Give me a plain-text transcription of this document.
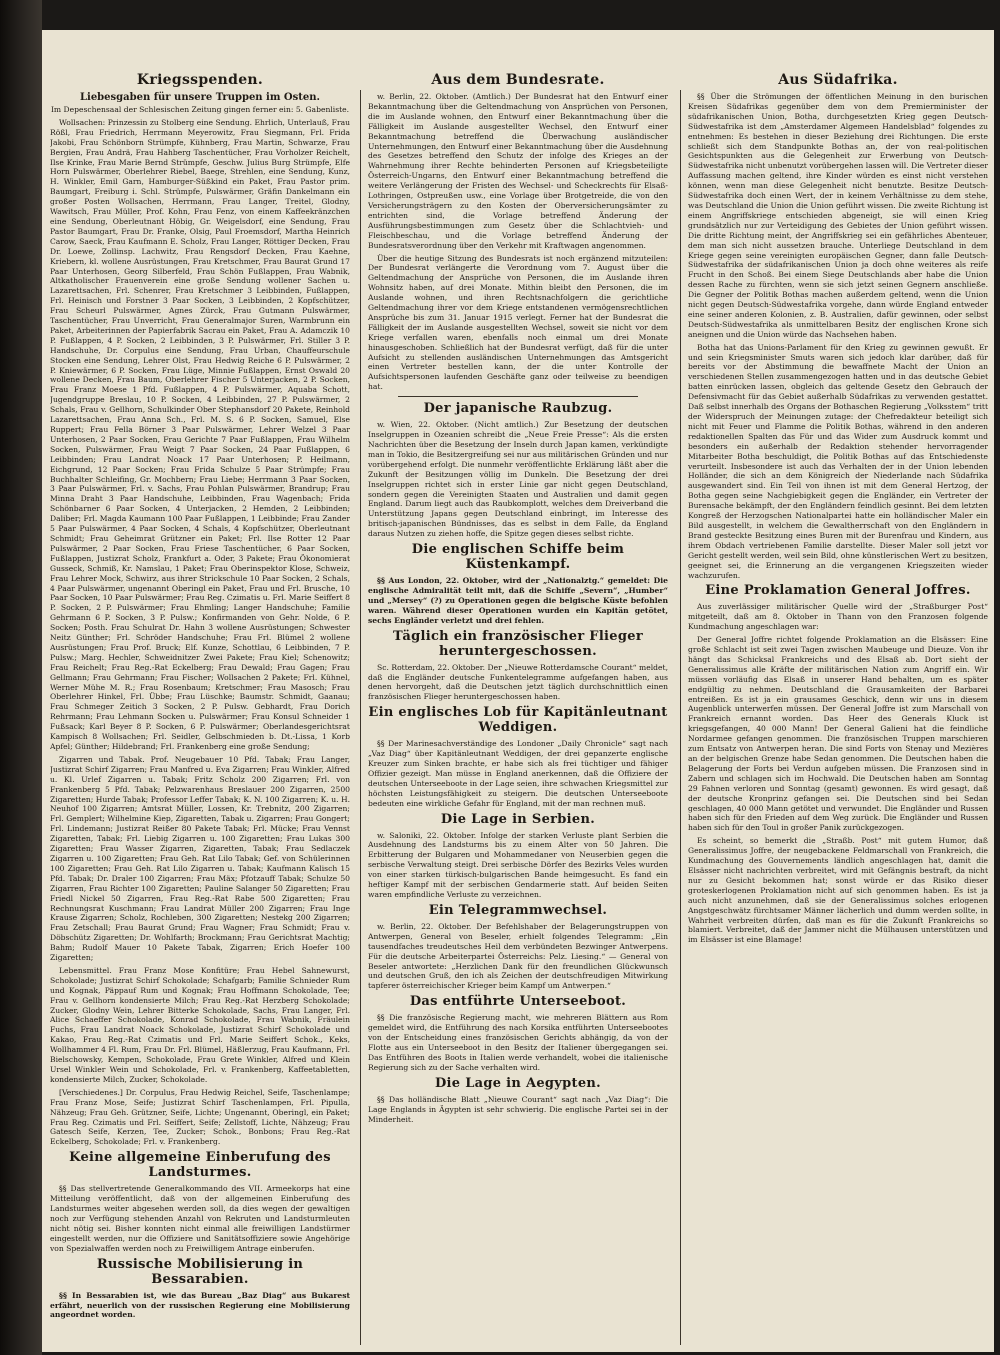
Kriegsspenden.
Liebesgaben für unsere Truppen im Osten.

Im Depeschensaal der Schlesischen Zeitung gingen ferner ein: 5. Gabenliste.

Wollsachen: Prinzessin zu Stolberg eine Sendung. Ehrlich, Unterlauß, Frau Rößl, Frau Friedrich, Herrmann Meyerowitz, Frau Siegmann, Frl. Frida Jakobi, Frau Schönborn Strümpfe, Kühnberg, Frau Martin, Schwarze, Frau Bergien, Frau Andrä, Frau Hahberg Taschentücher, Frau Vorholzer Reichelt, Ilse Krinke, Frau Marie Bernd Strümpfe, Geschw. Julius Burg Strümpfe, Elfe Horn Pulswärmer, Oberlehrer Riebel, Baege, Strehlen, eine Sendung, Kunz, H. Winkler, Emil Garn, Hamburger-Süßkind ein Paket, Frau Pastor prim. Baumgart, Freiburg i. Schl. Strümpfe, Pulswärmer, Gräfin Dankelmann ein großer Posten Wollsachen, Herrmann, Frau Langer, Treitel, Glodny, Wawitsch, Frau Müller, Prof. Kohn, Frau Fenz, von einem Kaffeekränzchen eine Sendung, Oberleutnant Höbig, Gr. Weigelsdorf, eine Sendung, Frau Pastor Baumgart, Frau Dr. Franke, Olsig, Paul Froemsdorf, Martha Heinrich Carow, Saeck, Frau Kaufmann E. Scholz, Frau Langer, Röttiger Decken, Frau Dr. Loewe, Zollinsp. Lachwitz, Frau Rengsdorf Decken, Frau Kaehne, Kriebern, kl. wollene Ausrüstungen, Frau Kretschmer, Frau Baurat Grund 17 Paar Unterhosen, Georg Silberfeld, Frau Schön Fußlappen, Frau Wabnik, Altkatholischer Frauenverein eine große Sendung wollener Sachen u. Lazarettsachen, Frl. Schenrer, Frau Kretschmer 3 Leibbinden, Fußlappen, Frl. Heinisch und Forstner 3 Paar Socken, 3 Leibbinden, 2 Kopfschützer, Frau Scheurl Pulswärmer, Agnes Zürck, Frau Gutmann Pulswärmer, Taschentücher, Frau Unverricht, Frau Generalmajor Suren, Warmbrunn ein Paket, Arbeiterinnen der Papierfabrik Sacrau ein Paket, Frau A. Adamczik 10 P. Fußlappen, 4 P. Socken, 2 Leibbinden, 3 P. Pulswärmer, Frl. Stiller 3 P. Handschuhe, Dr. Corpulus eine Sendung, Frau Urban, Chauffeurschule Stocken eine Sendung, Lehrer Olst, Frau Hedwig Reiche 6 P. Pulswärmer, 2 P. Kniewärmer, 6 P. Socken, Frau Lüge, Minnie Fußlappen, Ernst Oswald 20 wollene Decken, Frau Baum, Oberlehrer Fischer 5 Unterjacken, 2 P. Socken, Frau Franz Moese 1 Pfd. Fußlappen, 4 P. Pulswärmer, Aquaba Schott, Jugendgruppe Breslau, 10 P. Socken, 4 Leibbinden, 27 P. Pulswärmer, 2 Schals, Frau v. Gellhorn, Schulkinder Ober Stephansdorf 20 Pakete, Reinhold Lazarettsachen, Frau Anna Sch., Frl. M. S. 6 P. Socken, Samuel, Else Ruppert; Frau Fella Börner 3 Paar Pulswärmer, Lehrer Welzel 3 Paar Unterhosen, 2 Paar Socken, Frau Gerichte 7 Paar Fußlappen, Frau Wilhelm Socken, Pulswärmer, Frau Weigt 7 Paar Socken, 24 Paar Fußlappen, 6 Leibbinden; Frau Landrat Noack 17 Paar Unterhosen; P. Heilmann, Eichgrund, 12 Paar Socken; Frau Frida Schulze 5 Paar Strümpfe; Frau Buchhalter Schleifing, Gr. Mochbern; Frau Liebe; Herrmann 3 Paar Socken, 3 Paar Pulswärmer, Frl. v. Sachs, Frau Pohlan Pulswärmer, Brandrup; Frau Minna Draht 3 Paar Handschuhe, Leibbinden, Frau Wagenbach; Frida Schönbarner 6 Paar Socken, 4 Unterjacken, 2 Hemden, 2 Leibbinden; Daliber; Frl. Magda Kaumann 100 Paar Fußlappen, 1 Leibbinde; Frau Zander 5 Paar Pulswärmer, 4 Paar Socken, 4 Schals, 4 Kopfschützer, Oberleutnant Schmidt; Frau Geheimrat Grützner ein Paket; Frl. Ilse Rotter 12 Paar Pulswärmer, 2 Paar Socken, Frau Friese Taschentücher, 6 Paar Socken, Fußlappen, Justizrat Scholz, Frankfurt a. Oder, 3 Pakete; Frau Ökonomierat Gusseck, Schmiß, Kr. Namslau, 1 Paket; Frau Oberinspektor Klose, Schweiz, Frau Lehrer Mock, Schwirz, aus ihrer Strickschule 10 Paar Socken, 2 Schals, 4 Paar Pulswärmer, ungenannt Oberingl ein Paket, Frau und Frl. Brusche, 10 Paar Socken, 10 Paar Pulswärmer; Frau Reg. Czimatis u. Frl. Marie Seiffert 8 P. Socken, 2 P. Pulswärmer; Frau Ehmling; Langer Handschuhe; Familie Gehrmann 6 P. Socken, 3 P. Pulsw.; Konfirmanden von Gehr. Nolde, 6 P. Socken; Posth. Frau Schulrat Dr. Hahn 3 wollene Ausrüstungen; Schwester Neitz Günther; Frl. Schröder Handschuhe; Frau Frl. Blümel 2 wollene Ausrüstungen; Frau Prof. Bruck; Elf. Kunze, Schottlau, 6 Leibbinden, 7 P. Pulsw.; Marg. Hechler, Schweidnitzer Zwei Pakete; Frau Kiel; Schenowitz; Frau Reichelt; Frau Reg.-Rat Eckelberg; Frau Dewald; Frau Gagen; Frau Gellmann; Frau Gehrmann; Frau Fischer; Wollsachen 2 Pakete; Frl. Kühnel, Werner Mühe M. R.; Frau Rosenbaum; Kretschmer; Frau Masosch; Frau Oberlehrer Hinkel, Frl. Übbe; Frau Lüschke; Baumstr. Schmidt, Gaanau; Frau Schmeger Zeitich 3 Socken, 2 P. Pulsw. Gebhardt, Frau Dorich Rehrmann; Frau Lehmann Socken u. Pulswärmer; Frau Konsul Schneider 1 Fußsack; Karl Beyer 8 P. Socken, 6 P. Pulswärmer; Oberlandesgerichtsrat Kampisch 8 Wollsachen; Frl. Seidler, Gelbschmieden b. Dt.-Lissa, 1 Korb Apfel; Günther; Hildebrand; Frl. Frankenberg eine große Sendung;

Zigarren und Tabak. Prof. Neugebauer 10 Pfd. Tabak; Frau Langer, Justizrat Schirf Zigarren; Frau Manfred u. Eva Zigarren; Frau Winkler, Alfred u. Kl. Urlef Zigarren u. Tabak; Fritz Scholz 200 Zigarren; Frl. von Frankenberg 5 Pfd. Tabak; Pelzwarenhaus Breslauer 200 Zigarren, 2500 Zigaretten; Hurde Tabak; Professor Leffer Tabak; K. N. 100 Zigarren; K. u. H. Neuhof 100 Zigarren; Amtsrat Müller, Lossen, Kr. Trebnitz, 200 Zigarren; Frl. Gemplert; Wilhelmine Kiep, Zigaretten, Tabak u. Zigarren; Frau Gongert; Frl. Lindemann; Justizrat Reißer 80 Pakete Tabak; Frl. Mücke; Frau Vennst Zigaretten, Tabak; Frl. Liebig Zigarren u. 100 Zigaretten; Frau Lukas 300 Zigaretten; Frau Wasser Zigarren, Zigaretten, Tabak; Frau Sedlaczek Zigarren u. 100 Zigaretten; Frau Geh. Rat Lilo Tabak; Gef. von Schülerinnen 100 Zigaretten; Frau Geh. Rat Lilo Zigarren u. Tabak; Kaufmann Kalisch 15 Pfd. Tabak; Dr. Draler 100 Zigarren; Frau Mäx; Pfotzauff Tabak; Schulze 50 Zigarren, Frau Richter 100 Zigaretten; Pauline Salanger 50 Zigaretten; Frau Friedl Nickel 50 Zigarren, Frau Reg.-Rat Rabe 500 Zigaretten; Frau Rechnungsrat Kuschmann; Frau Landrat Müller 200 Zigarren; Frau Inge Krause Zigarren; Scholz, Rochleben, 300 Zigaretten; Nestekg 200 Zigarren; Frau Zetschall; Frau Baurat Grund; Frau Wagner; Frau Schmidt; Frau v. Döbschütz Zigaretten; Dr. Wohlfarth; Brockmann; Frau Gerichtsrat Machtig; Bahm; Rudolf Mauer 10 Pakete Tabak, Zigarren; Erich Hoefer 100 Zigaretten;

Lebensmittel. Frau Franz Mose Konfitüre; Frau Hebel Sahnewurst, Schokolade; Justizrat Schirf Schokolade; Schafgarb; Familie Schnieder Rum und Kognak, Päppauf Rum und Kognak; Frau Hoffmann Schokolade, Tee; Frau v. Gellhorn kondensierte Milch; Frau Reg.-Rat Herzberg Schokolade; Zucker, Glodny Wein, Lehrer Bitterke Schokolade, Sachs, Frau Langer, Frl. Alice Schaeffer Schokolade, Konrad Schokolade, Frau Wabnik, Fräulein Fuchs, Frau Landrat Noack Schokolade, Justizrat Schirf Schokolade und Kakao, Frau Reg.-Rat Czimatis und Frl. Marie Seiffert Schok., Keks, Wollhammer 4 Fl. Rum, Frau Dr. Frl. Blümel, Häßlerzug, Frau Kaufmann, Frl. Bielschowsky, Kempen, Schokolade, Frau Grete Winkler, Alfred und Klein Ursel Winkler Wein und Schokolade, Frl. v. Frankenberg, Kaffeetabletten, kondensierte Milch, Zucker, Schokolade.

[Verschiedenes.] Dr. Corpulus, Frau Hedwig Reichel, Seife, Taschenlampe; Frau Franz Mose, Seife; Justizrat Schirf Taschenlampen, Frl. Pipulla, Nähzeug; Frau Geh. Grützner, Seife, Lichte; Ungenannt, Oberingl, ein Paket; Frau Reg. Czimatis und Frl. Seiffert, Seife; Zellstoff, Lichte, Nähzeug; Frau Gatesch Seife, Kerzen, Tee, Zucker; Schok., Bonbons; Frau Reg.-Rat Eckelberg, Schokolade; Frl. v. Frankenberg.

Keine allgemeine Einberufung des Landsturmes.

§§ Das stellvertretende Generalkommando des VII. Armeekorps hat eine Mitteilung veröffentlicht, daß von der allgemeinen Einberufung des Landsturmes weiter abgesehen werden soll, da dies wegen der gewaltigen noch zur Verfügung stehenden Anzahl von Rekruten und Landsturmleuten nicht nötig sei. Bisher konnten nicht einmal alle freiwilligen Landstürmer eingestellt werden, nur die Offiziere und Sanitätsoffiziere sowie Angehörige von Spezialwaffen werden noch zu Freiwilligem Antrage einberufen.

Russische Mobilisierung in Bessarabien.

§§ In Bessarabien ist, wie das Bureau „Baz Diag“ aus Bukarest erfährt, neuerlich von der russischen Regierung eine Mobilisierung angeordnet worden.

Aus dem Bundesrate.

w. Berlin, 22. Oktober. (Amtlich.) Der Bundesrat hat den Entwurf einer Bekanntmachung über die Geltendmachung von Ansprüchen von Personen, die im Auslande wohnen, den Entwurf einer Bekanntmachung über die Fälligkeit im Auslande ausgestellter Wechsel, den Entwurf einer Bekanntmachung betreffend die Überwachung ausländischer Unternehmungen, den Entwurf einer Bekanntmachung über die Ausdehnung des Gesetzes betreffend den Schutz der infolge des Krieges an der Wahrnehmung ihrer Rechte behinderten Personen auf Kriegsbeteiligte Österreich-Ungarns, den Entwurf einer Bekanntmachung betreffend die weitere Verlängerung der Fristen des Wechsel- und Scheckrechts für Elsaß-Lothringen, Ostpreußen usw., eine Vorlage über Brotgetreide, die von den Versicherungsträgern zu den Kosten der Oberversicherungsämter zu entrichten sind, die Vorlage betreffend Änderung der Ausführungsbestimmungen zum Gesetz über die Schlachtvieh- und Fleischbeschau, und die Vorlage betreffend Änderung der Bundesratsverordnung über den Verkehr mit Kraftwagen angenommen.

Über die heutige Sitzung des Bundesrats ist noch ergänzend mitzuteilen: Der Bundesrat verlängerte die Verordnung vom 7. August über die Geltendmachung der Ansprüche von Personen, die im Auslande ihren Wohnsitz haben, auf drei Monate. Mithin bleibt den Personen, die im Auslande wohnen, und ihren Rechtsnachfolgern die gerichtliche Geltendmachung ihrer vor dem Kriege entstandenen vermögensrechtlichen Ansprüche bis zum 31. Januar 1915 verlegt. Ferner hat der Bundesrat die Fälligkeit der im Auslande ausgestellten Wechsel, soweit sie nicht vor dem Kriege verfallen waren, ebenfalls noch einmal um drei Monate hinausgeschoben. Schließlich hat der Bundesrat verfügt, daß für die unter Aufsicht zu stellenden ausländischen Unternehmungen das Amtsgericht einen Vertreter bestellen kann, der die unter Kontrolle der Aufsichtspersonen laufenden Geschäfte ganz oder teilweise zu beendigen hat.

Der japanische Raubzug.

w. Wien, 22. Oktober. (Nicht amtlich.) Zur Besetzung der deutschen Inselgruppen in Ozeanien schreibt die „Neue Freie Presse“: Als die ersten Nachrichten über die Besetzung der Inseln durch Japan kamen, verkündigte man in Tokio, die Besitzergreifung sei nur aus militärischen Gründen und nur vorübergehend erfolgt. Die nunmehr veröffentlichte Erklärung läßt aber die Zukunft der Besitzungen völlig im Dunkeln. Die Besetzung der drei Inselgruppen richtet sich in erster Linie gar nicht gegen Deutschland, sondern gegen die Vereinigten Staaten und Australien und damit gegen England. Darum liegt auch das Raubkomplott, welches dem Dreiverband die Unterstützung Japans gegen Deutschland einbringt, im Interesse des britisch-japanischen Bündnisses, das es selbst in dem Falle, da England daraus Nutzen zu ziehen hoffe, die Spitze gegen dieses selbst richte.

Die englischen Schiffe beim Küstenkampf.

§§ Aus London, 22. Oktober, wird der „Nationalztg.“ gemeldet: Die englische Admiralität teilt mit, daß die Schiffe „Severn“, „Humber“ und „Mersey“ (?) zu Operationen gegen die belgische Küste befohlen waren. Während dieser Operationen wurden ein Kapitän getötet, sechs Engländer verletzt und drei fehlen.

Täglich ein französischer Flieger heruntergeschossen.

Sc. Rotterdam, 22. Oktober. Der „Nieuwe Rotterdamsche Courant“ meldet, daß die Engländer deutsche Funkentelegramme aufgefangen haben, aus denen hervorgeht, daß die Deutschen jetzt täglich durchschnittlich einen französischen Flieger heruntergeschossen haben.

Ein englisches Lob für Kapitänleutnant Weddigen.

§§ Der Marinesachverständige des Londoner „Daily Chronicle“ sagt nach „Vaz Diag“ über Kapitänleutnant Weddigen, der drei gepanzerte englische Kreuzer zum Sinken brachte, er habe sich als frei tüchtiger und fähiger Offizier gezeigt. Man müsse in England anerkennen, daß die Offiziere der deutschen Unterseeboote in der Lage seien, ihre schwachen Kriegsmittel zur höchsten Leistungsfähigkeit zu steigern. Die deutschen Unterseeboote bedeuten eine wirkliche Gefahr für England, mit der man rechnen muß.

Die Lage in Serbien.

w. Saloniki, 22. Oktober. Infolge der starken Verluste plant Serbien die Ausdehnung des Landsturms bis zu einem Alter von 50 Jahren. Die Erbitterung der Bulgaren und Mohammedaner von Neuserbien gegen die serbische Verwaltung steigt. Drei serbische Dörfer des Bezirks Veles wurden von einer starken türkisch-bulgarischen Bande heimgesucht. Es fand ein heftiger Kampf mit der serbischen Gendarmerie statt. Auf beiden Seiten waren empfindliche Verluste zu verzeichnen.

Ein Telegrammwechsel.

w. Berlin, 22. Oktober. Der Befehlshaber der Belagerungstruppen von Antwerpen, General von Beseler, erhielt folgendes Telegramm: „Ein tausendfaches treudeutsches Heil dem verbündeten Bezwinger Antwerpens. Für die deutsche Arbeiterpartei Österreichs: Pelz. Liesing.“ — General von Beseler antwortete: „Herzlichen Dank für den freundlichen Glückwunsch und deutschen Gruß, den ich als Zeichen der deutschfreudigen Mitwirkung tapferer österreichischer Krieger beim Kampf um Antwerpen.“

Das entführte Unterseeboot.

§§ Die französische Regierung macht, wie mehreren Blättern aus Rom gemeldet wird, die Entführung des nach Korsika entführten Unterseebootes von der Entscheidung eines französischen Gerichts abhängig, da von der Flotte aus ein Unterseeboot in den Besitz der Italiener übergegangen sei. Das Entführen des Boots in Italien werde verhandelt, wobei die italienische Regierung sich zu der Sache verhalten wird.

Die Lage in Aegypten.

§§ Das holländische Blatt „Nieuwe Courant“ sagt nach „Vaz Diag“: Die Lage Englands in Ägypten ist sehr schwierig. Die englische Partei sei in der Minderheit.

Aus Südafrika.

§§ Über die Strömungen der öffentlichen Meinung in den burischen Kreisen Südafrikas gegenüber dem von dem Premierminister der südafrikanischen Union, Botha, durchgesetzten Krieg gegen Deutsch-Südwestafrika ist dem „Amsterdamer Algemeen Handelsblad“ folgendes zu entnehmen: Es bestehen in dieser Beziehung drei Richtungen. Die erste schließt sich dem Standpunkte Bothas an, der von real-politischen Gesichtspunkten aus die Gelegenheit zur Erwerbung von Deutsch-Südwestafrika nicht unbenutzt vorübergehen lassen will. Die Vertreter dieser Auffassung machen geltend, ihre Kinder würden es einst nicht verstehen können, wenn man diese Gelegenheit nicht benutzte. Besitze Deutsch-Südwestafrika doch einen Wert, der in keinem Verhältnisse zu dem stehe, was Deutschland die Union die Union geführt wissen. Die zweite Richtung ist einem Angriffskriege entschieden abgeneigt, sie will einen Krieg grundsätzlich nur zur Verteidigung des Gebietes der Union geführt wissen. Die dritte Richtung meint, der Angriffskrieg sei ein gefährliches Abenteuer, dem man sich nicht aussetzen brauche. Unterliege Deutschland in dem Kriege gegen seine vereinigten europäischen Gegner, dann falle Deutsch-Südwestafrika der südafrikanischen Union ja doch ohne weiteres als reife Frucht in den Schoß. Bei einem Siege Deutschlands aber habe die Union dessen Rache zu fürchten, wenn sie sich jetzt seinen Gegnern anschließe. Die Gegner der Politik Bothas machen außerdem geltend, wenn die Union nicht gegen Deutsch-Südwestafrika vorgehe, dann würde England entweder eine seiner anderen Kolonien, z. B. Australien, dafür gewinnen, oder selbst Deutsch-Südwestafrika als unmittelbaren Besitz der englischen Krone sich aneignen und die Union würde das Nachsehen haben.

Botha hat das Unions-Parlament für den Krieg zu gewinnen gewußt. Er und sein Kriegsminister Smuts waren sich jedoch klar darüber, daß für bereits vor der Abstimmung die bewaffnete Macht der Union an verschiedenen Stellen zusammengezogen hatten und in das deutsche Gebiet batten einrücken lassen, obgleich das geltende Gesetz den Gebrauch der Defensivmacht für das Gebiet außerhalb Südafrikas zu verwenden gestattet. Daß selbst innerhalb des Organs der Bothaschen Regierung „Volksstem“ tritt der Widerspruch der Meinungen zutage: der Chefredakteur beteiligt sich nicht mit Feuer und Flamme die Politik Bothas, während in den anderen redaktionellen Spalten das Für und das Wider zum Ausdruck kommt und besonders ein außerhalb der Redaktion stehender hervorragender Mitarbeiter Botha beschuldigt, die Politik Bothas auf das Entschiedenste verurteilt. Insbesondere ist auch das Verhalten der in der Union lebenden Holländer, die sich an dem Königreich der Niederlande nach Südafrika ausgewandert sind. Ein Teil von ihnen ist mit dem General Hertzog, der Botha gegen seine Nachgiebigkeit gegen die Engländer, ein Vertreter der Burensache bekämpft, der den Engländern feindlich gesinnt. Bei dem letzten Kongreß der Herzogschen Nationalpartei hatte ein holländischer Maler ein Bild ausgestellt, in welchem die Gewaltherrschaft von den Engländern in Brand gesteckte Besitzung eines Buren mit der Burenfrau und Kindern, aus ihrem Obdach vertriebenen Familie darstellte. Dieser Maler soll jetzt vor Gericht gestellt werden, weil sein Bild, ohne künstlerischen Wert zu besitzen, geeignet sei, die Erinnerung an die vergangenen Kriegszeiten wieder wachzurufen.

Eine Proklamation General Joffres.

Aus zuverlässiger militärischer Quelle wird der „Straßburger Post“ mitgeteilt, daß am 8. Oktober in Thann von den Franzosen folgende Kundmachung angeschlagen war:

Der General Joffre richtet folgende Proklamation an die Elsässer: Eine große Schlacht ist seit zwei Tagen zwischen Maubeuge und Dieuze. Von ihr hängt das Schicksal Frankreichs und des Elsaß ab. Dort sieht der Generalissimus alle Kräfte der militärischen Nation zum Angriff ein. Wir müssen vorläufig das Elsaß in unserer Hand behalten, um es später endgültig zu nehmen. Deutschland die Grausamkeiten der Barbarei entreißen. Es ist ja ein grausames Geschick, denn wir uns in diesem Augenblick unterwerfen müssen. Der General Joffre ist zum Marschall von Frankreich ernannt worden. Das Heer des Generals Kluck ist kriegsgefangen, 40 000 Mann! Der General Galieni hat die feindliche Nordarmee gefangen genommen. Die französischen Truppen marschieren zum Entsatz von Antwerpen heran. Die sind Forts von Stenay und Mezières an der belgischen Grenze habe Sedan genommen. Die Deutschen haben die Belagerung der Forts bei Verdun aufgeben müssen. Die Franzosen sind in Zabern und schlagen sich im Hochwald. Die Deutschen haben am Sonntag 29 Fahnen verloren und Sonntag (gesamt) gewonnen. Es wird gesagt, daß der deutsche Kronprinz gefangen sei. Die Deutschen sind bei Sedan geschlagen, 40 000 Mann getötet und verwundet. Die Engländer und Russen haben sich für den Frieden auf dem Weg zurück. Die Engländer und Russen haben sich für den Toul in großer Panik zurückgezogen.

Es scheint, so bemerkt die „Straßb. Post“ mit gutem Humor, daß Generalissimus Joffre, der neugebackene Feldmarschall von Frankreich, die Kundmachung des Gouvernements ländlich angeschlagen hat, damit die Elsässer nicht nachrichten verbreitet, wird mit Gefängnis bestraft, da nicht nur zu Gesicht bekommen hat; sonst würde er das Risiko dieser groteskerlogenen Proklamation nicht auf sich genommen haben. Es ist ja auch nicht anzunehmen, daß sie der Generalissimus solches erlogenen Angstgeschwätz fürchtsamer Männer lächerlich und dumm werden sollte, in Wahrheit verbreiten dürfen, daß man es für die Zukunft Frankreichs so blamiert. Verbreitet, daß der Jammer nicht die Mülhausen unterstützen und im Elsässer ist eine Blamage!
